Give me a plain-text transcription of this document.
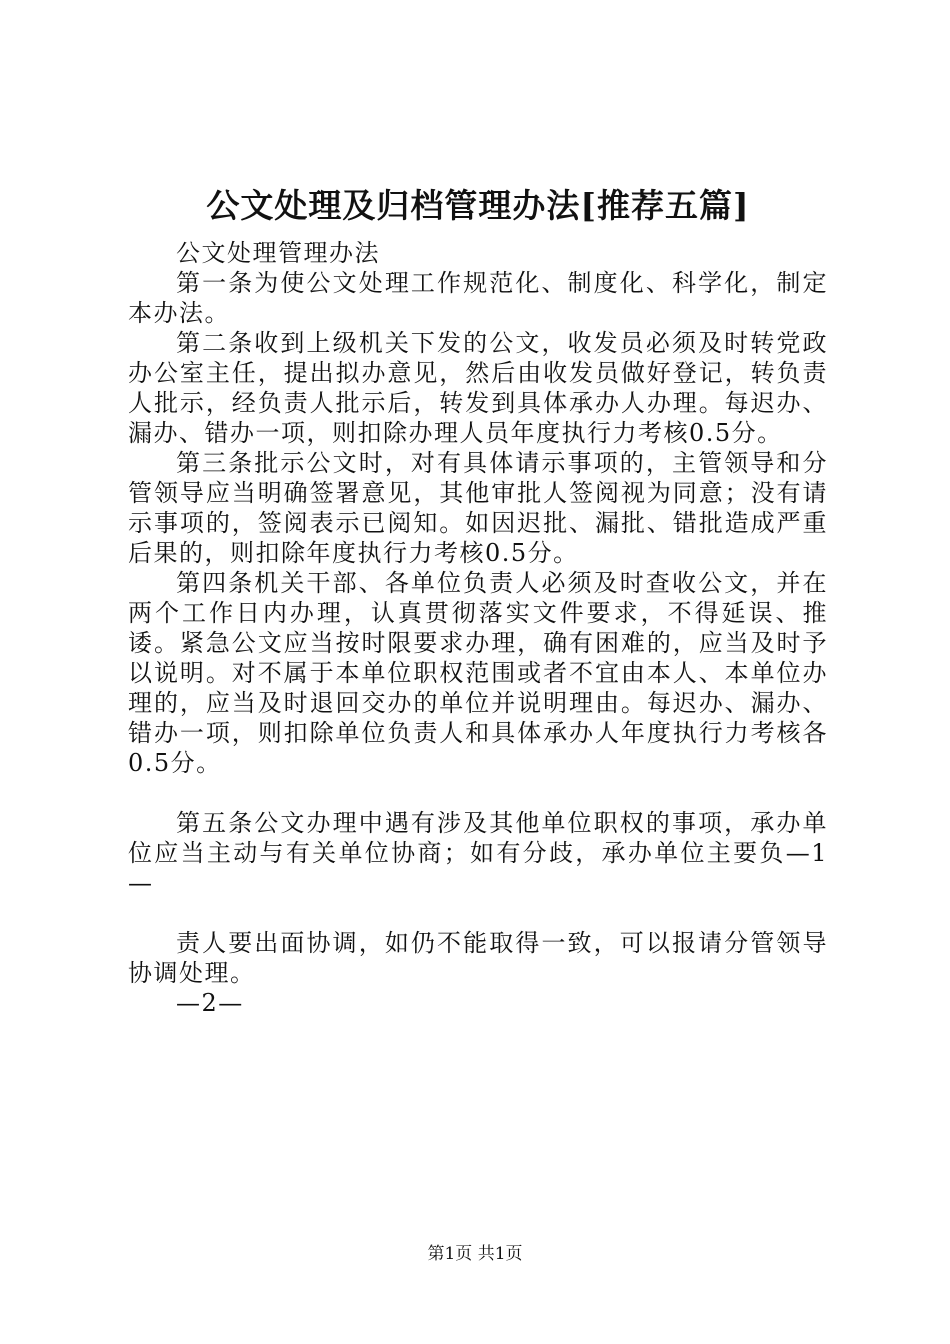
公文处理及归档管理办法[推荐五篇]

公文处理管理办法

第一条为使公文处理工作规范化、制度化、科学化，制定本办法。

第二条收到上级机关下发的公文，收发员必须及时转党政办公室主任，提出拟办意见，然后由收发员做好登记，转负责人批示，经负责人批示后，转发到具体承办人办理。每迟办、漏办、错办一项，则扣除办理人员年度执行力考核0.5分。

第三条批示公文时，对有具体请示事项的，主管领导和分管领导应当明确签署意见，其他审批人签阅视为同意；没有请示事项的，签阅表示已阅知。如因迟批、漏批、错批造成严重后果的，则扣除年度执行力考核0.5分。

第四条机关干部、各单位负责人必须及时查收公文，并在两个工作日内办理，认真贯彻落实文件要求，不得延误、推诿。紧急公文应当按时限要求办理，确有困难的，应当及时予以说明。对不属于本单位职权范围或者不宜由本人、本单位办理的，应当及时退回交办的单位并说明理由。每迟办、漏办、错办一项，则扣除单位负责人和具体承办人年度执行力考核各0.5分。

第五条公文办理中遇有涉及其他单位职权的事项，承办单位应当主动与有关单位协商；如有分歧，承办单位主要负—1—

责人要出面协调，如仍不能取得一致，可以报请分管领导协调处理。

—2—

第1页 共1页
